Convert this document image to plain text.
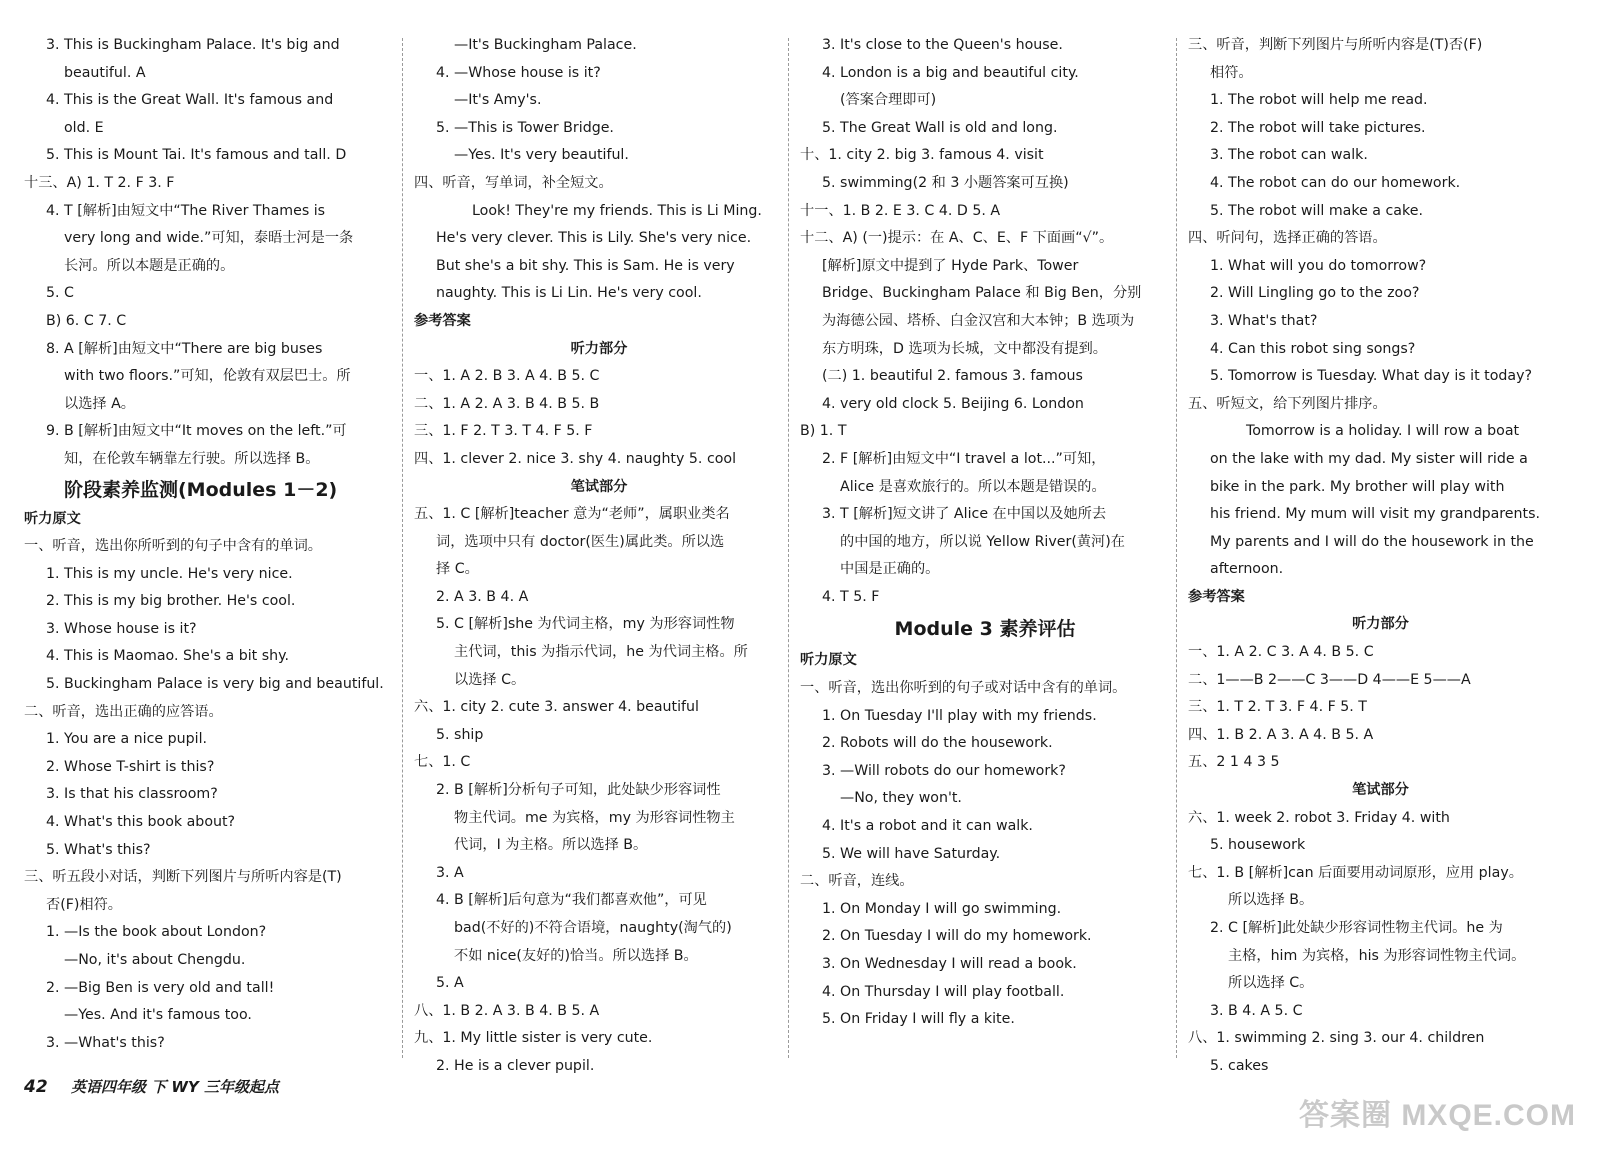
3. This is Buckingham Palace. It's big and
beautiful. A
4. This is the Great Wall. It's famous and
old. E
5. This is Mount Tai. It's famous and tall. D
十三、A) 1. T 2. F 3. F
4. T [解析]由短文中“The River Thames is
very long and wide.”可知，泰晤士河是一条
长河。所以本题是正确的。
5. C
B) 6. C 7. C
8. A [解析]由短文中“There are big buses
with two floors.”可知，伦敦有双层巴士。所
以选择 A。
9. B [解析]由短文中“It moves on the left.”可
知，在伦敦车辆靠左行驶。所以选择 B。
阶段素养监测(Modules 1－2)
听力原文
一、听音，选出你所听到的句子中含有的单词。
1. This is my uncle. He's very nice.
2. This is my big brother. He's cool.
3. Whose house is it?
4. This is Maomao. She's a bit shy.
5. Buckingham Palace is very big and beautiful.
二、听音，选出正确的应答语。
1. You are a nice pupil.
2. Whose T-shirt is this?
3. Is that his classroom?
4. What's this book about?
5. What's this?
三、听五段小对话，判断下列图片与所听内容是(T)
否(F)相符。
1. —Is the book about London?
—No, it's about Chengdu.
2. —Big Ben is very old and tall!
—Yes. And it's famous too.
3. —What's this?
—It's Buckingham Palace.
4. —Whose house is it?
—It's Amy's.
5. —This is Tower Bridge.
—Yes. It's very beautiful.
四、听音，写单词，补全短文。
Look! They're my friends. This is Li Ming.
He's very clever. This is Lily. She's very nice.
But she's a bit shy. This is Sam. He is very
naughty. This is Li Lin. He's very cool.
参考答案
听力部分
一、1. A 2. B 3. A 4. B 5. C
二、1. A 2. A 3. B 4. B 5. B
三、1. F 2. T 3. T 4. F 5. F
四、1. clever 2. nice 3. shy 4. naughty 5. cool
笔试部分
五、1. C [解析]teacher 意为“老师”，属职业类名
词，选项中只有 doctor(医生)属此类。所以选
择 C。
2. A 3. B 4. A
5. C [解析]she 为代词主格，my 为形容词性物
主代词，this 为指示代词，he 为代词主格。所
以选择 C。
六、1. city 2. cute 3. answer 4. beautiful
5. ship
七、1. C
2. B [解析]分析句子可知，此处缺少形容词性
物主代词。me 为宾格，my 为形容词性物主
代词，I 为主格。所以选择 B。
3. A
4. B [解析]后句意为“我们都喜欢他”，可见
bad(不好的)不符合语境，naughty(淘气的)
不如 nice(友好的)恰当。所以选择 B。
5. A
八、1. B 2. A 3. B 4. B 5. A
九、1. My little sister is very cute.
2. He is a clever pupil.
3. It's close to the Queen's house.
4. London is a big and beautiful city.
(答案合理即可)
5. The Great Wall is old and long.
十、1. city 2. big 3. famous 4. visit
5. swimming(2 和 3 小题答案可互换)
十一、1. B 2. E 3. C 4. D 5. A
十二、A) (一)提示：在 A、C、E、F 下面画“√”。
[解析]原文中提到了 Hyde Park、Tower
Bridge、Buckingham Palace 和 Big Ben，分别
为海德公园、塔桥、白金汉宫和大本钟；B 选项为
东方明珠，D 选项为长城，文中都没有提到。
(二) 1. beautiful 2. famous 3. famous
4. very old clock 5. Beijing 6. London
B) 1. T
2. F [解析]由短文中“I travel a lot...”可知，
Alice 是喜欢旅行的。所以本题是错误的。
3. T [解析]短文讲了 Alice 在中国以及她所去
的中国的地方，所以说 Yellow River(黄河)在
中国是正确的。
4. T 5. F
Module 3 素养评估
听力原文
一、听音，选出你听到的句子或对话中含有的单词。
1. On Tuesday I'll play with my friends.
2. Robots will do the housework.
3. —Will robots do our homework?
—No, they won't.
4. It's a robot and it can walk.
5. We will have Saturday.
二、听音，连线。
1. On Monday I will go swimming.
2. On Tuesday I will do my homework.
3. On Wednesday I will read a book.
4. On Thursday I will play football.
5. On Friday I will fly a kite.
三、听音，判断下列图片与所听内容是(T)否(F)
相符。
1. The robot will help me read.
2. The robot will take pictures.
3. The robot can walk.
4. The robot can do our homework.
5. The robot will make a cake.
四、听问句，选择正确的答语。
1. What will you do tomorrow?
2. Will Lingling go to the zoo?
3. What's that?
4. Can this robot sing songs?
5. Tomorrow is Tuesday. What day is it today?
五、听短文，给下列图片排序。
Tomorrow is a holiday. I will row a boat
on the lake with my dad. My sister will ride a
bike in the park. My brother will play with
his friend. My mum will visit my grandparents.
My parents and I will do the housework in the
afternoon.
参考答案
听力部分
一、1. A 2. C 3. A 4. B 5. C
二、1——B 2——C 3——D 4——E 5——A
三、1. T 2. T 3. F 4. F 5. T
四、1. B 2. A 3. A 4. B 5. A
五、2 1 4 3 5
笔试部分
六、1. week 2. robot 3. Friday 4. with
5. housework
七、1. B [解析]can 后面要用动词原形，应用 play。
所以选择 B。
2. C [解析]此处缺少形容词性物主代词。he 为
主格，him 为宾格，his 为形容词性物主代词。
所以选择 C。
3. B 4. A 5. C
八、1. swimming 2. sing 3. our 4. children
5. cakes
42 英语四年级 下 WY 三年级起点
答案圈 MXQE.COM
